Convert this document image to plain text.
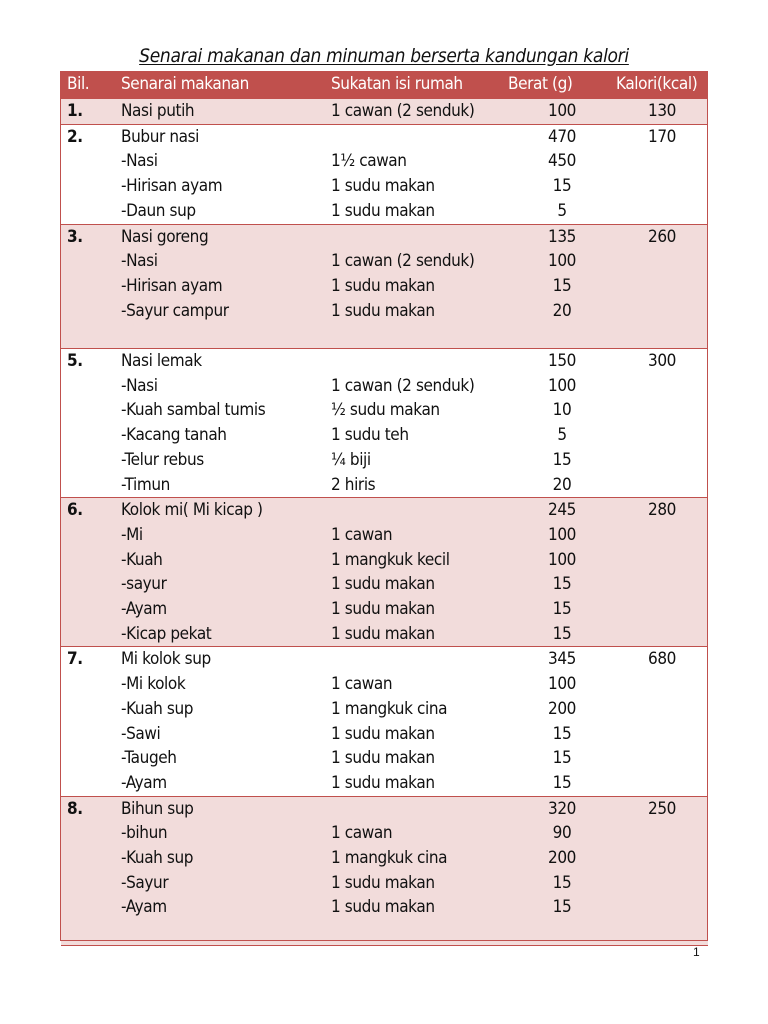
Senarai makanan dan minuman berserta kandungan kalori
Bil.	Senarai makanan	Sukatan isi rumah	Berat (g)	Kalori(kcal)
1.	Nasi putih	1 cawan (2 senduk)	100	130
2.	Bubur nasi		470	170
	-Nasi	1½ cawan	450	
	-Hirisan ayam	1 sudu makan	15	
	-Daun sup	1 sudu makan	5	
3.	Nasi goreng		135	260
	-Nasi	1 cawan (2 senduk)	100	
	-Hirisan ayam	1 sudu makan	15	
	-Sayur campur	1 sudu makan	20	

5.	Nasi lemak		150	300
	-Nasi	1 cawan (2 senduk)	100	
	-Kuah sambal tumis	½ sudu makan	10	
	-Kacang tanah	1 sudu teh	5	
	-Telur rebus	¼ biji	15	
	-Timun	2 hiris	20	
6.	Kolok mi( Mi kicap )		245	280
	-Mi	1 cawan	100	
	-Kuah	1 mangkuk kecil	100	
	-sayur	1 sudu makan	15	
	-Ayam	1 sudu makan	15	
	-Kicap pekat	1 sudu makan	15	
7.	Mi kolok sup		345	680
	-Mi kolok	1 cawan	100	
	-Kuah sup	1 mangkuk cina	200	
	-Sawi	1 sudu makan	15	
	-Taugeh	1 sudu makan	15	
	-Ayam	1 sudu makan	15	
8.	Bihun sup		320	250
	-bihun	1 cawan	90	
	-Kuah sup	1 mangkuk cina	200	
	-Sayur	1 sudu makan	15	
	-Ayam	1 sudu makan	15	

1
